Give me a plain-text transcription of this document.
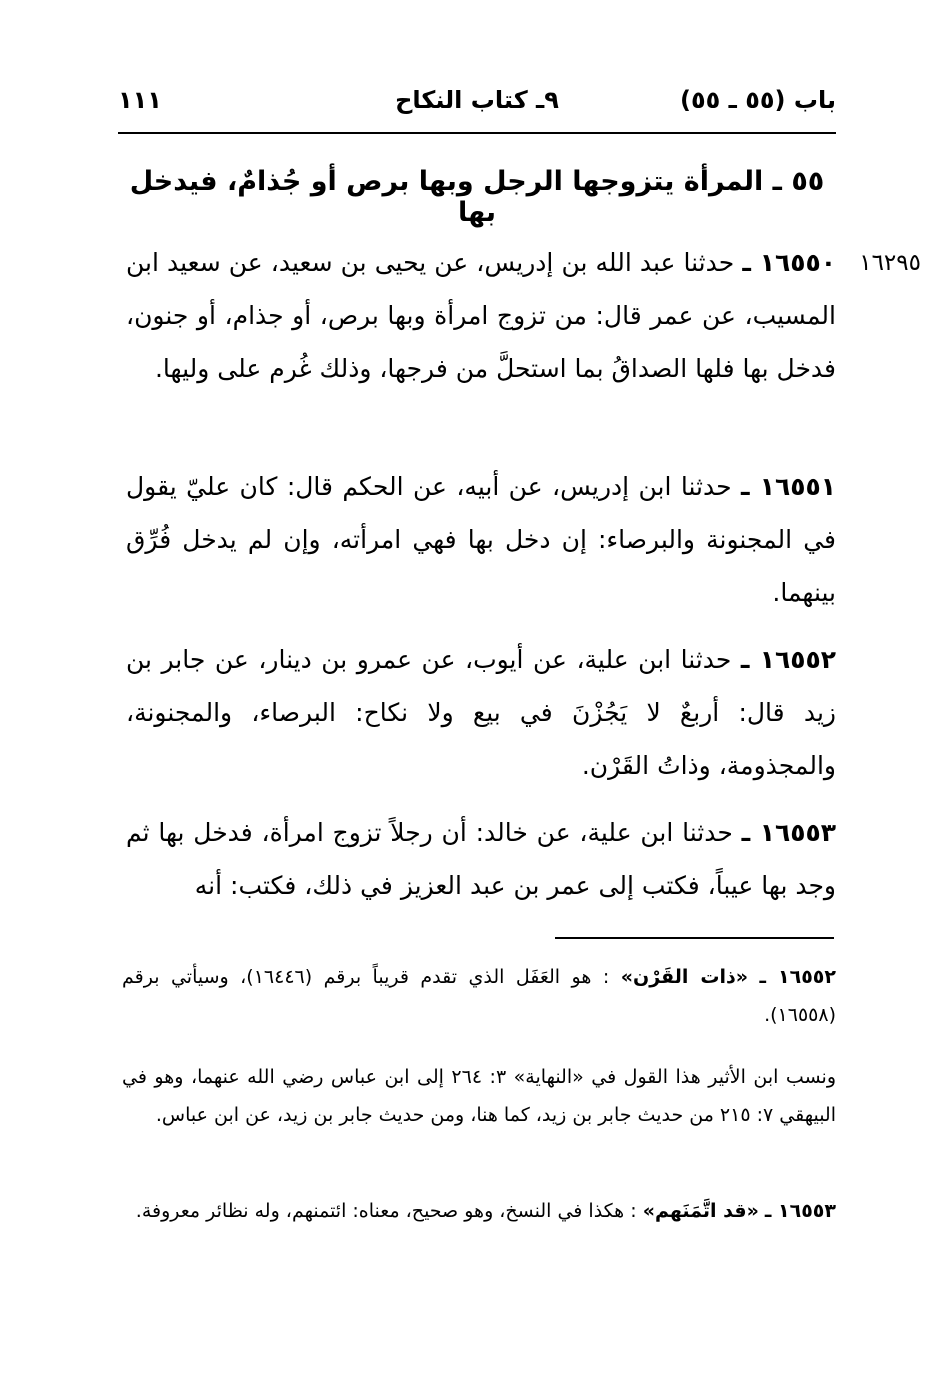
باب (٥٥ ـ ٥٥)
٩ـ كتاب النكاح
١١١
٥٥ ـ المرأة يتزوجها الرجل وبها برص أو جُذامٌ، فيدخل بها
١٦٢٩٥

١٦٥٥٠ ـ حدثنا عبد الله بن إدريس، عن يحيى بن سعيد، عن سعيد ابن المسيب، عن عمر قال: من تزوج امرأة وبها برص، أو جذام، أو جنون، فدخل بها فلها الصداقُ بما استحلَّ من فرجها، وذلك غُرم على وليها.

١٦٥٥١ ـ حدثنا ابن إدريس، عن أبيه، عن الحكم قال: كان عليّ يقول في المجنونة والبرصاء: إن دخل بها فهي امرأته، وإن لم يدخل فُرِّق بينهما.

١٦٥٥٢ ـ حدثنا ابن علية، عن أيوب، عن عمرو بن دينار، عن جابر بن زيد قال: أربعٌ لا يَجُزْنَ في بيع ولا نكاح: البرصاء، والمجنونة، والمجذومة، وذاتُ القَرْن.

١٦٥٥٣ ـ حدثنا ابن علية، عن خالد: أن رجلاً تزوج امرأة، فدخل بها ثم وجد بها عيباً، فكتب إلى عمر بن عبد العزيز في ذلك، فكتب: أنه

١٦٥٥٢ ـ «ذات القَرْن» : هو العَفَل الذي تقدم قريباً برقم (١٦٤٤٦)، وسيأتي برقم (١٦٥٥٨).

ونسب ابن الأثير هذا القول في «النهاية» ٣: ٢٦٤ إلى ابن عباس رضي الله عنهما، وهو في البيهقي ٧: ٢١٥ من حديث جابر بن زيد، كما هنا، ومن حديث جابر بن زيد، عن ابن عباس.

١٦٥٥٣ ـ «قد اتَّمَنَهم» : هكذا في النسخ، وهو صحيح، معناه: ائتمنهم، وله نظائر معروفة.
